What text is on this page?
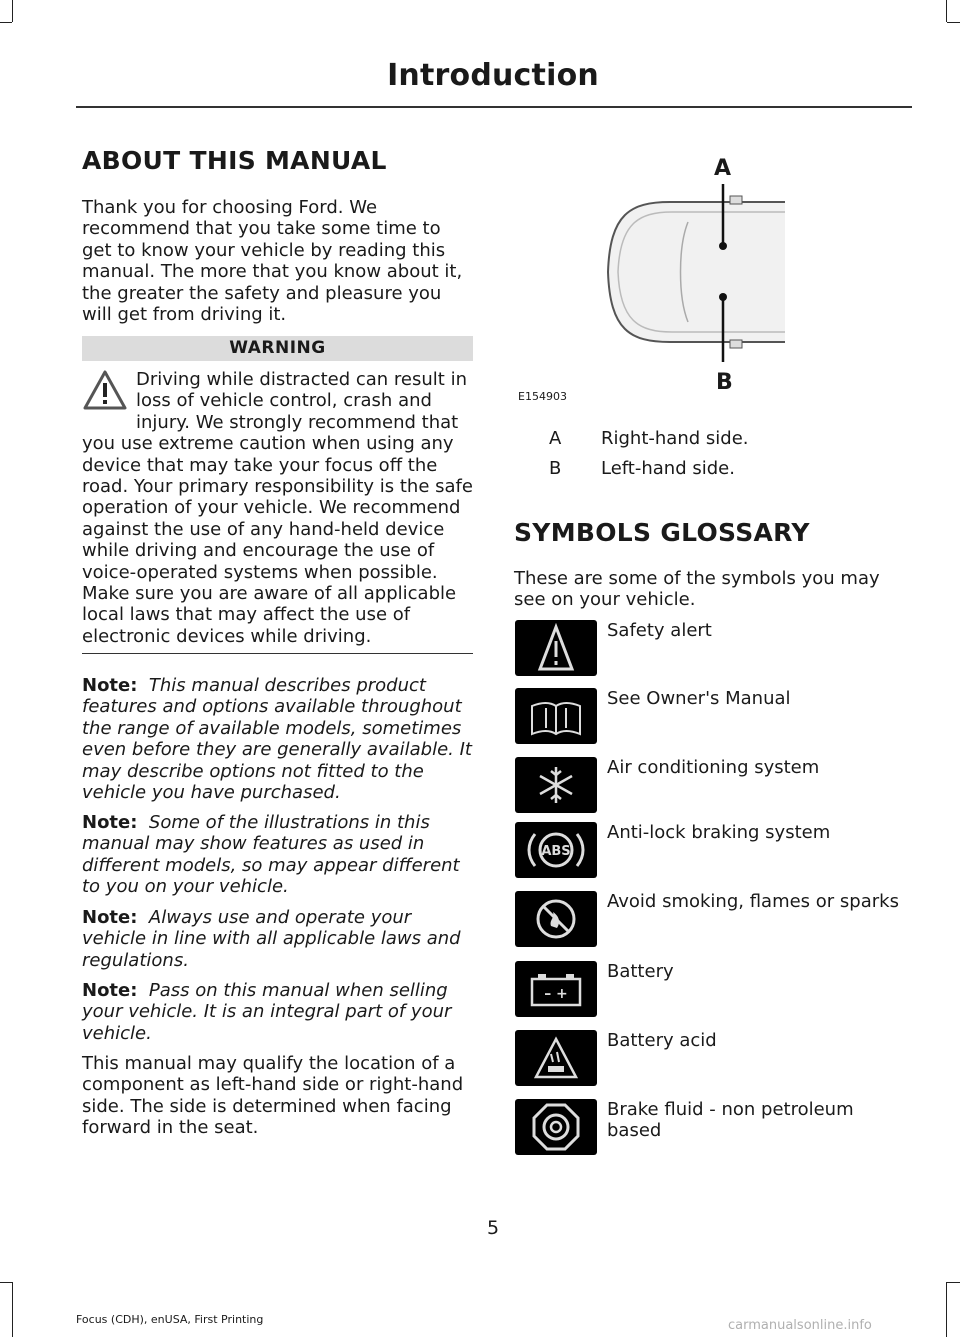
Introduction
ABOUT THIS MANUAL
Thank you for choosing Ford. We recommend that you take some time to get to know your vehicle by reading this manual. The more that you know about it, the greater the safety and pleasure you will get from driving it.
WARNING
Driving while distracted can result in loss of vehicle control, crash and injury. We strongly recommend that you use extreme caution when using any device that may take your focus off the road. Your primary responsibility is the safe operation of your vehicle. We recommend against the use of any hand-held device while driving and encourage the use of voice-operated systems when possible. Make sure you are aware of all applicable local laws that may affect the use of electronic devices while driving.
Note: This manual describes product features and options available throughout the range of available models, sometimes even before they are generally available. It may describe options not fitted to the vehicle you have purchased.
Note: Some of the illustrations in this manual may show features as used in different models, so may appear different to you on your vehicle.
Note: Always use and operate your vehicle in line with all applicable laws and regulations.
Note: Pass on this manual when selling your vehicle. It is an integral part of your vehicle.
This manual may qualify the location of a component as left-hand side or right-hand side. The side is determined when facing forward in the seat.
A
B
E154903
A Right-hand side.
B Left-hand side.
SYMBOLS GLOSSARY
These are some of the symbols you may see on your vehicle.
Safety alert
See Owner's Manual
Air conditioning system
ABS
Anti-lock braking system
Avoid smoking, flames or sparks
– +
Battery
Battery acid
Brake fluid - non petroleum based
5
Focus (CDH), enUSA, First Printing	carmanualsonline.info
